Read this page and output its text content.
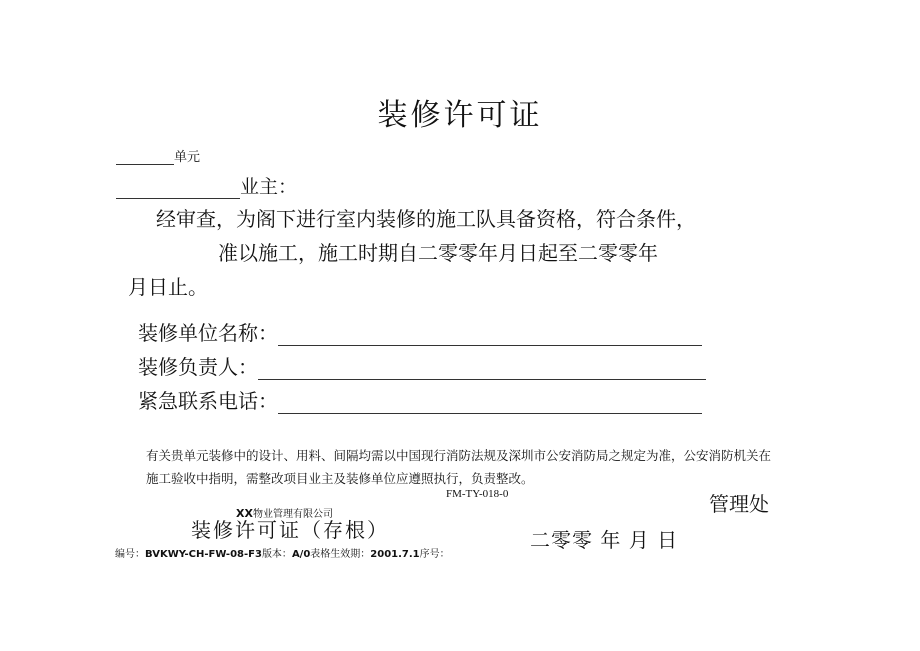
装修许可证
单元
业主：
经审查，为阁下进行室内装修的施工队具备资格，符合条件，
准以施工，施工时期自二零零年月日起至二零零年
月日止。
装修单位名称：
装修负责人：
紧急联系电话：
有关贵单元装修中的设计、用料、间隔均需以中国现行消防法规及深圳市公安消防局之规定为准，公安消防机关在
施工验收中指明，需整改项目业主及装修单位应遵照执行，负责整改。
FM-TY-018-0
XX物业管理有限公司
装修许可证（存根）
编号：BVKWY-CH-FW-08-F3版本：A/0表格生效期：2001.7.1序号：
管理处
二零零 年 月 日
